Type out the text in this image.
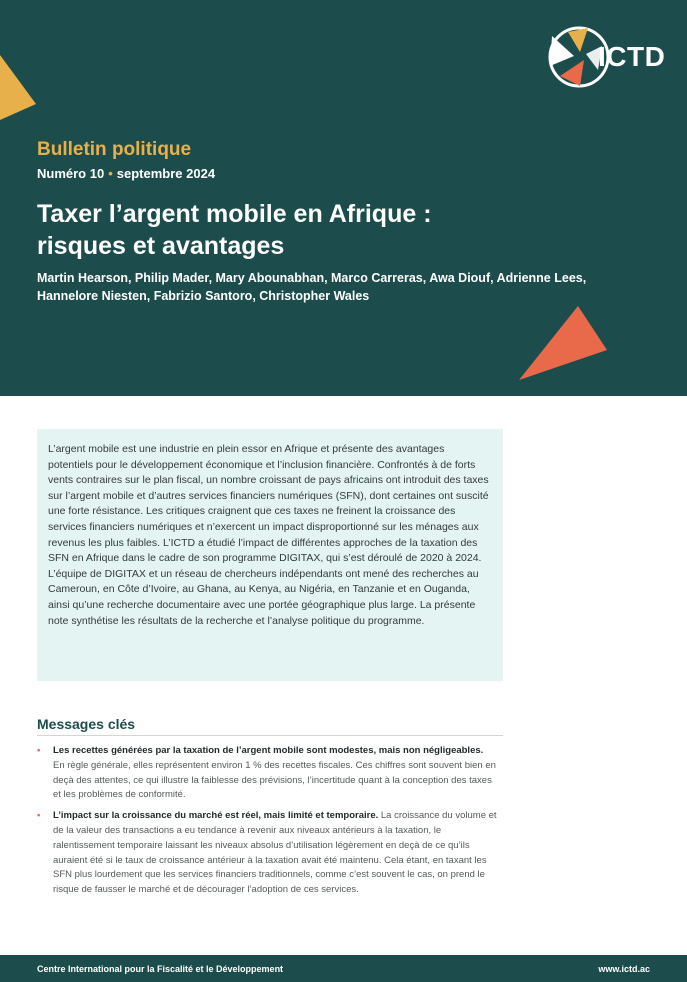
ICTD
Bulletin politique
Numéro 10 • septembre 2024
Taxer l’argent mobile en Afrique :
risques et avantages
Martin Hearson, Philip Mader, Mary Abounabhan, Marco Carreras, Awa Diouf, Adrienne Lees, Hannelore Niesten, Fabrizio Santoro, Christopher Wales
L’argent mobile est une industrie en plein essor en Afrique et présente des avantages potentiels pour le développement économique et l’inclusion financière. Confrontés à de forts vents contraires sur le plan fiscal, un nombre croissant de pays africains ont introduit des taxes sur l’argent mobile et d’autres services financiers numériques (SFN), dont certaines ont suscité une forte résistance. Les critiques craignent que ces taxes ne freinent la croissance des services financiers numériques et n’exercent un impact disproportionné sur les ménages aux revenus les plus faibles. L’ICTD a étudié l’impact de différentes approches de la taxation des SFN en Afrique dans le cadre de son programme DIGITAX, qui s’est déroulé de 2020 à 2024. L’équipe de DIGITAX et un réseau de chercheurs indépendants ont mené des recherches au Cameroun, en Côte d’Ivoire, au Ghana, au Kenya, au Nigéria, en Tanzanie et en Ouganda, ainsi qu’une recherche documentaire avec une portée géographique plus large. La présente note synthétise les résultats de la recherche et l’analyse politique du programme.
Messages clés
• Les recettes générées par la taxation de l’argent mobile sont modestes, mais non négligeables. En règle générale, elles représentent environ 1 % des recettes fiscales. Ces chiffres sont souvent bien en deçà des attentes, ce qui illustre la faiblesse des prévisions, l’incertitude quant à la conception des taxes et les problèmes de conformité.
• L’impact sur la croissance du marché est réel, mais limité et temporaire. La croissance du volume et de la valeur des transactions a eu tendance à revenir aux niveaux antérieurs à la taxation, le ralentissement temporaire laissant les niveaux absolus d’utilisation légèrement en deçà de ce qu’ils auraient été si le taux de croissance antérieur à la taxation avait été maintenu. Cela étant, en taxant les SFN plus lourdement que les services financiers traditionnels, comme c’est souvent le cas, on prend le risque de fausser le marché et de décourager l’adoption de ces services.
Centre International pour la Fiscalité et le Développement	www.ictd.ac
